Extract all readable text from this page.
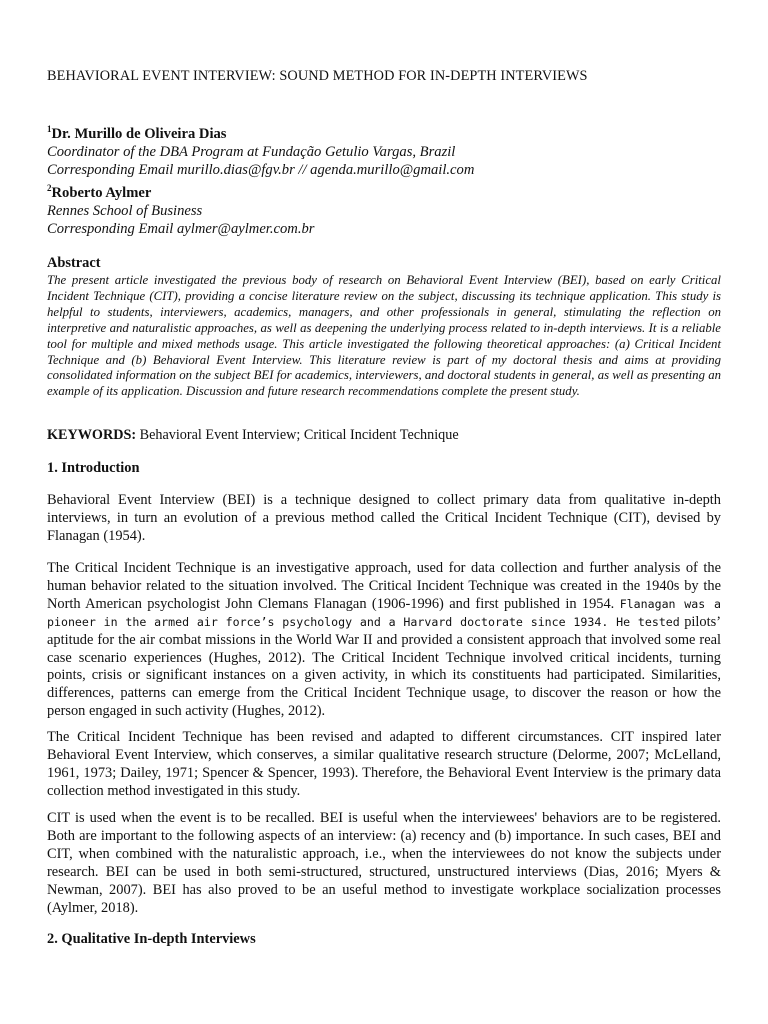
BEHAVIORAL EVENT INTERVIEW: SOUND METHOD FOR IN-DEPTH INTERVIEWS

$^1$Dr. Murillo de Oliveira Dias
Coordinator of the DBA Program at Fundação Getulio Vargas, Brazil
Corresponding Email murillo.dias@fgv.br // agenda.murillo@gmail.com
$^2$Roberto Aylmer
Rennes School of Business
Corresponding Email aylmer@aylmer.com.br

Abstract

The present article investigated the previous body of research on Behavioral Event Interview (BEI), based on early Critical Incident Technique (CIT), providing a concise literature review on the subject, discussing its technique application. This study is helpful to students, interviewers, academics, managers, and other professionals in general, stimulating the reflection on interpretive and naturalistic approaches, as well as deepening the underlying process related to in-depth interviews. It is a reliable tool for multiple and mixed methods usage. This article investigated the following theoretical approaches: (a) Critical Incident Technique and (b) Behavioral Event Interview. This literature review is part of my doctoral thesis and aims at providing consolidated information on the subject BEI for academics, interviewers, and doctoral students in general, as well as presenting an example of its application. Discussion and future research recommendations complete the present study.

KEYWORDS: Behavioral Event Interview; Critical Incident Technique

1. Introduction

Behavioral Event Interview (BEI) is a technique designed to collect primary data from qualitative in-depth interviews, in turn an evolution of a previous method called the Critical Incident Technique (CIT), devised by Flanagan (1954).

The Critical Incident Technique is an investigative approach, used for data collection and further analysis of the human behavior related to the situation involved. The Critical Incident Technique was created in the 1940s by the North American psychologist John Clemans Flanagan (1906-1996) and first published in 1954. Flanagan was a pioneer in the armed air force’s psychology and a Harvard doctorate since 1934. He tested pilots’ aptitude for the air combat missions in the World War II and provided a consistent approach that involved some real case scenario experiences (Hughes, 2012). The Critical Incident Technique involved critical incidents, turning points, crisis or significant instances on a given activity, in which its constituents had participated. Similarities, differences, patterns can emerge from the Critical Incident Technique usage, to discover the reason or how the person engaged in such activity (Hughes, 2012).

The Critical Incident Technique has been revised and adapted to different circumstances. CIT inspired later Behavioral Event Interview, which conserves, a similar qualitative research structure (Delorme, 2007; McLelland, 1961, 1973; Dailey, 1971; Spencer & Spencer, 1993). Therefore, the Behavioral Event Interview is the primary data collection method investigated in this study.

CIT is used when the event is to be recalled. BEI is useful when the interviewees' behaviors are to be registered. Both are important to the following aspects of an interview: (a) recency and (b) importance. In such cases, BEI and CIT, when combined with the naturalistic approach, i.e., when the interviewees do not know the subjects under research. BEI can be used in both semi-structured, structured, unstructured interviews (Dias, 2016; Myers & Newman, 2007). BEI has also proved to be an useful method to investigate workplace socialization processes (Aylmer, 2018).

2. Qualitative In-depth Interviews
